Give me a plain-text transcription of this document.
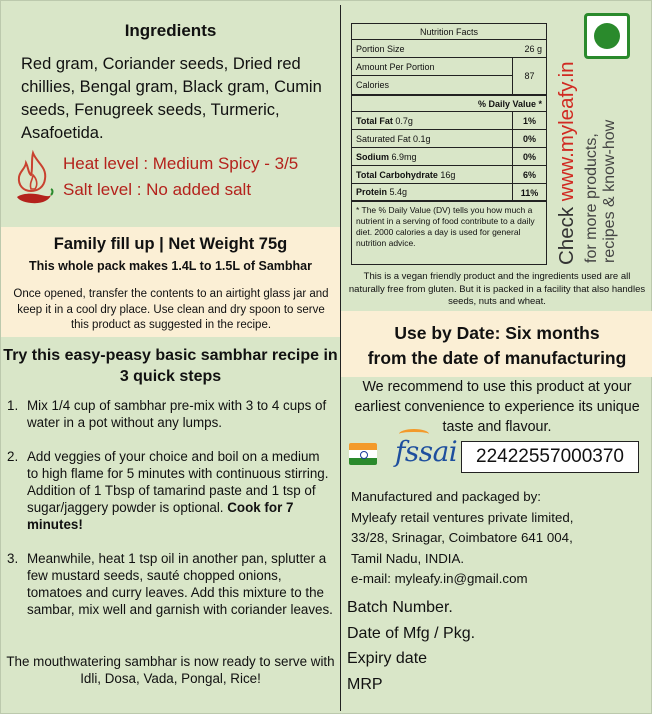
Ingredients
Red gram, Coriander seeds, Dried red chillies, Bengal gram, Black gram, Cumin seeds, Fenugreek seeds, Turmeric, Asafoetida.
Heat level : Medium Spicy - 3/5
Salt level : No added salt
Family fill up | Net Weight 75g
This whole pack makes 1.4L to 1.5L of Sambhar
Once opened, transfer the contents to an airtight glass jar and keep it in a cool dry place. Use clean and dry spoon to serve this product as suggested in the recipe.
Try this easy-peasy basic sambhar recipe in 3 quick steps
1. Mix 1/4 cup of sambhar pre-mix with 3 to 4 cups of water in a pot without any lumps.
2. Add veggies of your choice and boil on a medium to high flame for 5 minutes with continuous stirring. Addition of 1 Tbsp of tamarind paste and 1 tsp of sugar/jaggery powder is optional. Cook for 7 minutes!
3. Meanwhile, heat 1 tsp oil in another pan, splutter a few mustard seeds, sauté chopped onions, tomatoes and curry leaves. Add this mixture to the sambar, mix well and garnish with coriander leaves.
The mouthwatering sambhar is now ready to serve with Idli, Dosa, Vada, Pongal, Rice!
Nutrition Facts
Portion Size	26 g
Amount Per Portion
Calories
87
% Daily Value *
Total Fat 0.7g	1%
Saturated Fat 0.1g	0%
Sodium 6.9mg	0%
Total Carbohydrate 16g	6%
Protein 5.4g	11%
* The % Daily Value (DV) tells you how much a nutrient in a serving of food contribute to a daily diet. 2000 calories a day is used for general nutrition advice.	Check www.myleafy.in for more products, recipes & know-how
This is a vegan friendly product and the ingredients used are all naturally free from gluten. But it is packed in a facility that also handles seeds, nuts and wheat.
Use by Date: Six months
from the date of manufacturing
We recommend to use this product at your earliest convenience to experience its unique taste and flavour.
fssai 22422557000370
Manufactured and packaged by:
Myleafy retail ventures private limited,
33/28, Srinagar, Coimbatore 641 004,
Tamil Nadu, INDIA.
e-mail: myleafy.in@gmail.com
Batch Number.
Date of Mfg / Pkg.
Expiry date
MRP
